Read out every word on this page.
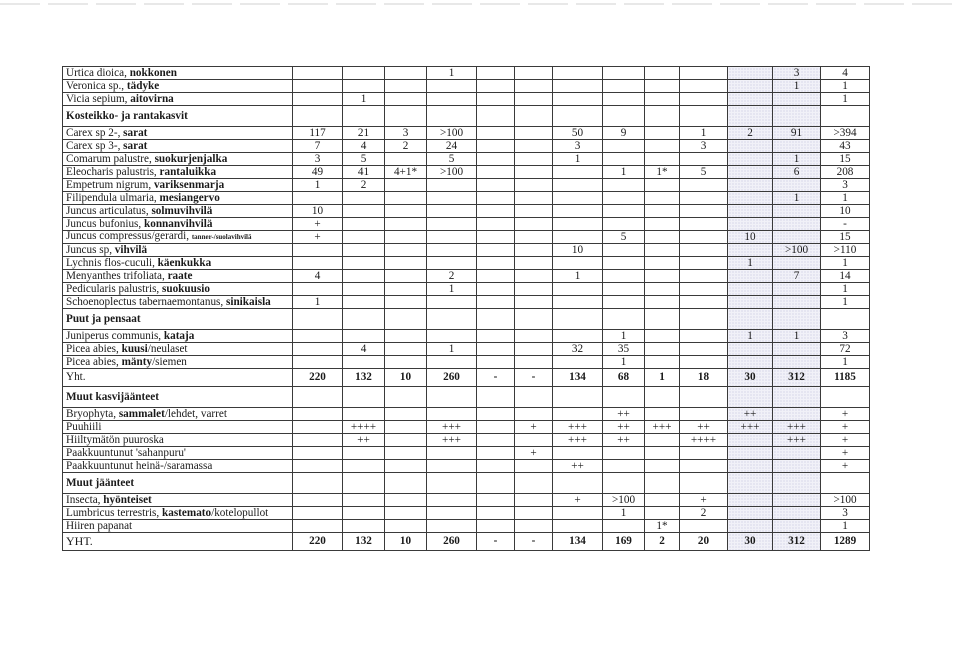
Urtica dioica, nokkonen				1								3	4
Veronica sp., tädyke												1	1
Vicia sepium, aitovirna		1											1
Kosteikko- ja rantakasvit													
Carex sp 2-, sarat	117	21	3	>100			50	9		1	2	91	>394
Carex sp 3-, sarat	7	4	2	24			3			3			43
Comarum palustre, suokurjenjalka	3	5		5			1					1	15
Eleocharis palustris, rantaluikka	49	41	4+1*	>100				1	1*	5		6	208
Empetrum nigrum, variksenmarja	1	2											3
Filipendula ulmaria, mesiangervo												1	1
Juncus articulatus, solmuvihvilä	10												10
Juncus bufonius, konnanvihvilä	+												-
Juncus compressus/gerardi, tanner-/suolavihvilä	+							5			10		15
Juncus sp, vihvilä							10					>100	>110
Lychnis flos-cuculi, käenkukka											1		1
Menyanthes trifoliata, raate	4			2			1					7	14
Pedicularis palustris, suokuusio				1									1
Schoenoplectus tabernaemontanus, sinikaisla	1												1
Puut ja pensaat													
Juniperus communis, kataja								1			1	1	3
Picea abies, kuusi/neulaset		4		1			32	35					72
Picea abies, mänty/siemen								1					1
Yht.	220	132	10	260	-	-	134	68	1	18	30	312	1185
Muut kasvijäänteet													
Bryophyta, sammalet/lehdet, varret								++			++		+
Puuhiili		++++		+++		+	+++	++	+++	++	+++	+++	+
Hiiltymätön puuroska		++		+++			+++	++		++++		+++	+
Paakkuuntunut 'sahanpuru'						+							+
Paakkuuntunut heinä-/saramassa							++						+
Muut jäänteet													
Insecta, hyönteiset							+	>100		+			>100
Lumbricus terrestris, kastemato/kotelopullot								1		2			3
Hiiren papanat									1*				1
YHT.	220	132	10	260	-	-	134	169	2	20	30	312	1289
